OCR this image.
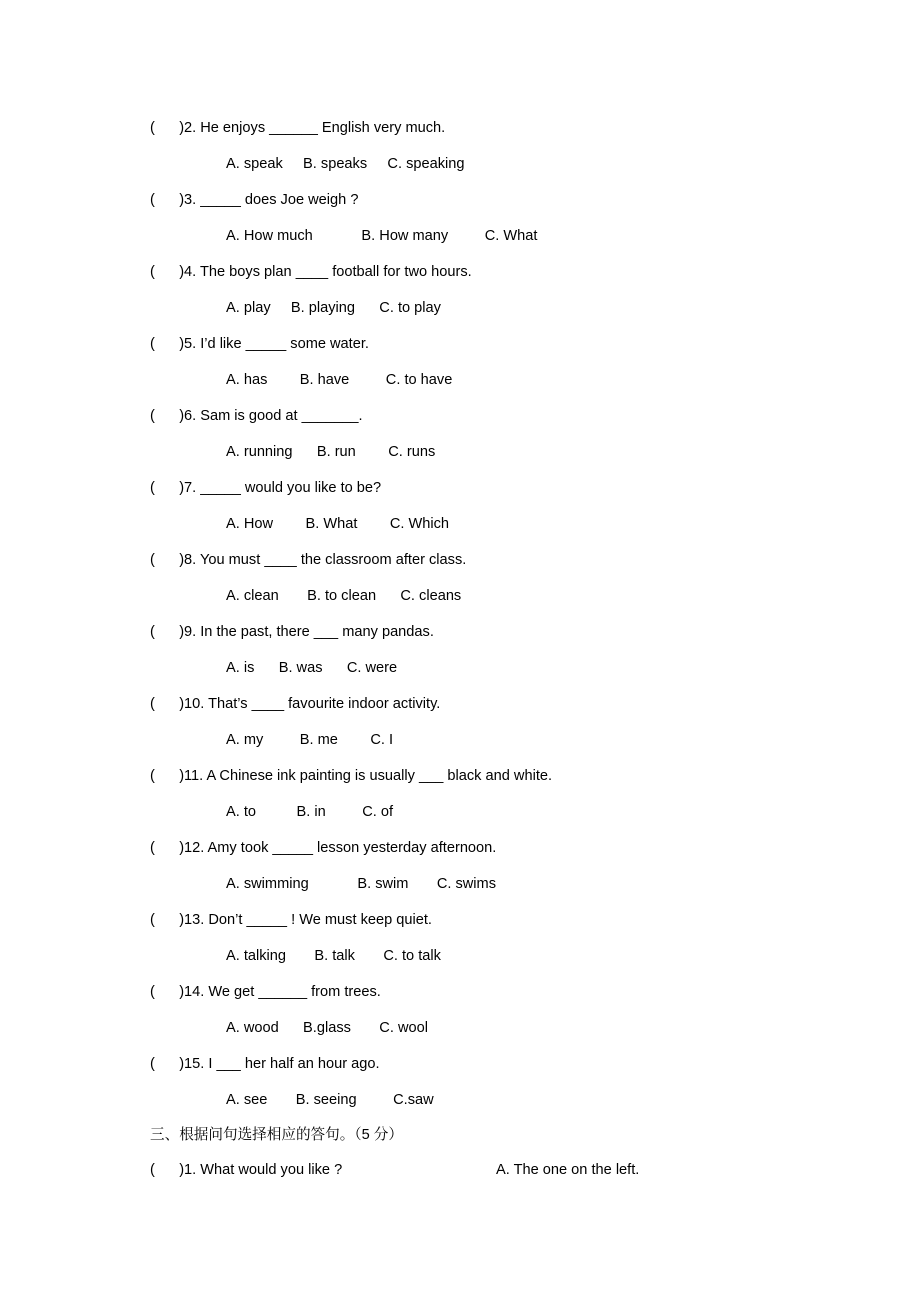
(      ) 2. He enjoys ______ English very much.
A. speak     B. speaks     C. speaking
(      ) 3. _____ does Joe weigh ?
A. How much            B. How many         C. What
(      ) 4. The boys plan ____ football for two hours.
A. play     B. playing      C. to play
(      ) 5. I’d like _____ some water.
A. has        B. have         C. to have
(      ) 6. Sam is good at _______.
A. running      B. run        C. runs
(      ) 7. _____ would you like to be?
A. How        B. What        C. Which
(      ) 8. You must ____ the classroom after class.
A. clean       B. to clean      C. cleans
(      ) 9. In the past, there ___ many pandas.
A. is      B. was      C. were
(      ) 10. That’s ____ favourite indoor activity.
A. my         B. me        C. I
(      ) 11. A Chinese ink painting is usually ___ black and white.
A. to          B. in         C. of
(      ) 12. Amy took _____ lesson yesterday afternoon.
A. swimming            B. swim       C. swims
(      ) 13. Don’t _____ ! We must keep quiet.
A. talking       B. talk       C. to talk
(      ) 14. We get ______ from trees.
A. wood      B.glass       C. wool
(      ) 15. I ___ her half an hour ago.
A. see       B. seeing         C.saw
三、根据问句选择相应的答句。（5 分）
(      ) 1. What would you like ?	A. The one on the left.
